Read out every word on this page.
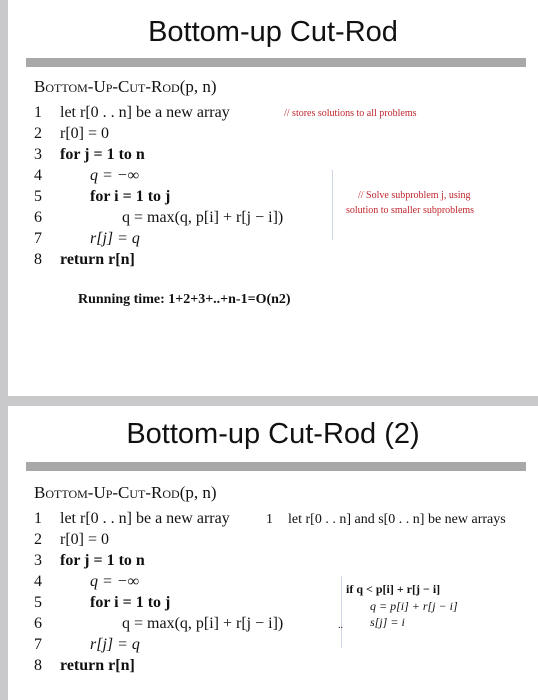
Bottom-up Cut-Rod
Bottom-Up-Cut-Rod(p, n)
1 let r[0 . . n] be a new array
2 r[0] = 0
3 for j = 1 to n
4	q = −∞
5	for i = 1 to j
6	q = max(q, p[i] + r[j − i])
7	r[j] = q
8 return r[n]
// stores solutions to all problems
// Solve subproblem j, using
solution to smaller subproblems
Running time: 1+2+3+..+n-1=O(n2)
Bottom-up Cut-Rod (2)
Bottom-Up-Cut-Rod(p, n)
1 let r[0 . . n] be a new array
2 r[0] = 0
3 for j = 1 to n
4	q = −∞
5	for i = 1 to j
6	q = max(q, p[i] + r[j − i])
7	r[j] = q
8 return r[n]
1 let r[0 . . n] and s[0 . . n] be new arrays
if q < p[i] + r[j − i]
q = p[i] + r[j − i]
s[j] = i
..
